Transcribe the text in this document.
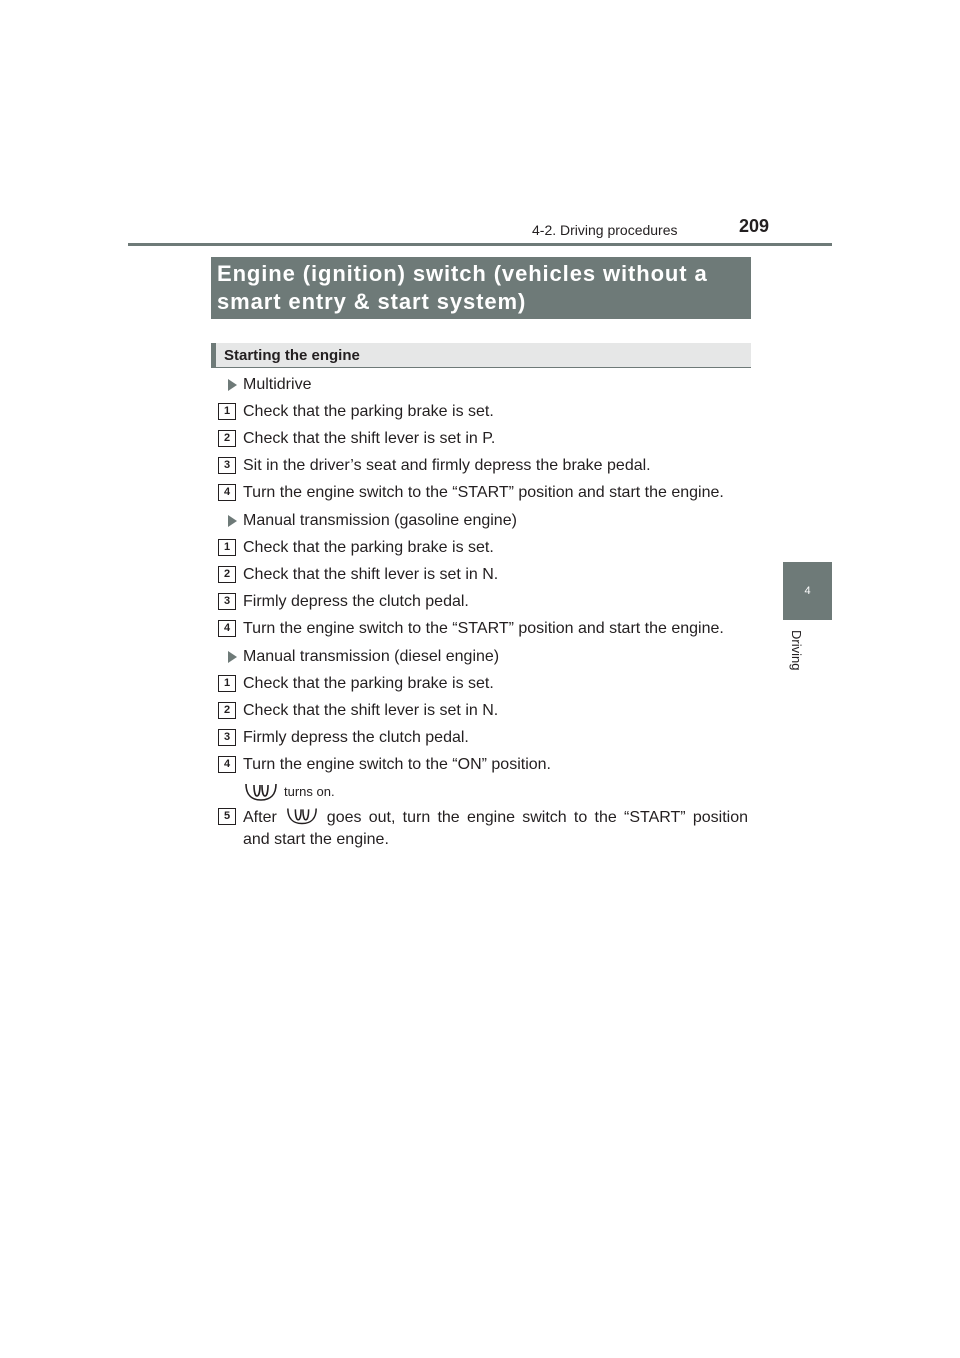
4-2. Driving procedures	209
4
Driving
Engine (ignition) switch (vehicles without a smart entry & start system)
Starting the engine
Multidrive
1 Check that the parking brake is set.
2 Check that the shift lever is set in P.
3 Sit in the driver’s seat and firmly depress the brake pedal.
4 Turn the engine switch to the “START” position and start the engine.
Manual transmission (gasoline engine)
1 Check that the parking brake is set.
2 Check that the shift lever is set in N.
3 Firmly depress the clutch pedal.
4 Turn the engine switch to the “START” position and start the engine.
Manual transmission (diesel engine)
1 Check that the parking brake is set.
2 Check that the shift lever is set in N.
3 Firmly depress the clutch pedal.
4 Turn the engine switch to the “ON” position.
turns on.
5 After	goes out, turn the engine switch to the “START” position and start the engine.
